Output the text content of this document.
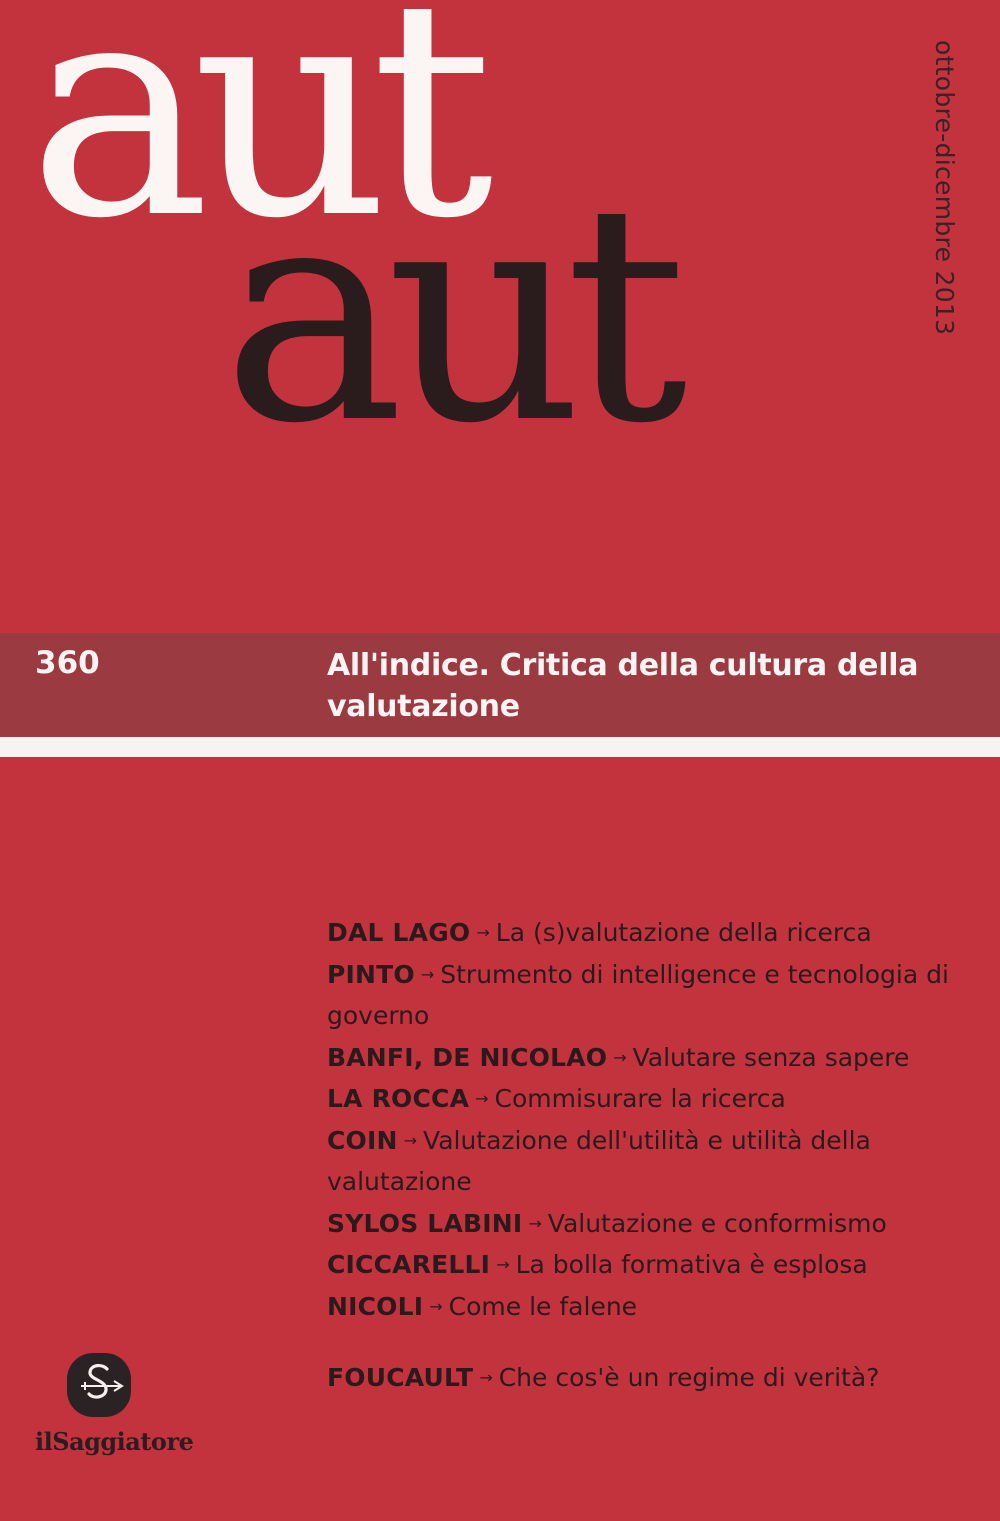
aut
aut	ottobre-dicembre 2013
360	All'indice. Critica della cultura della valutazione
DAL LAGO → La (s)valutazione della ricerca
PINTO → Strumento di intelligence e tecnologia di governo
BANFI, DE NICOLAO → Valutare senza sapere
LA ROCCA → Commisurare la ricerca
COIN → Valutazione dell'utilità e utilità della valutazione
SYLOS LABINI → Valutazione e conformismo
CICCARELLI → La bolla formativa è esplosa
NICOLI → Come le falene
FOUCAULT → Che cos'è un regime di verità?
ilSaggiatore
